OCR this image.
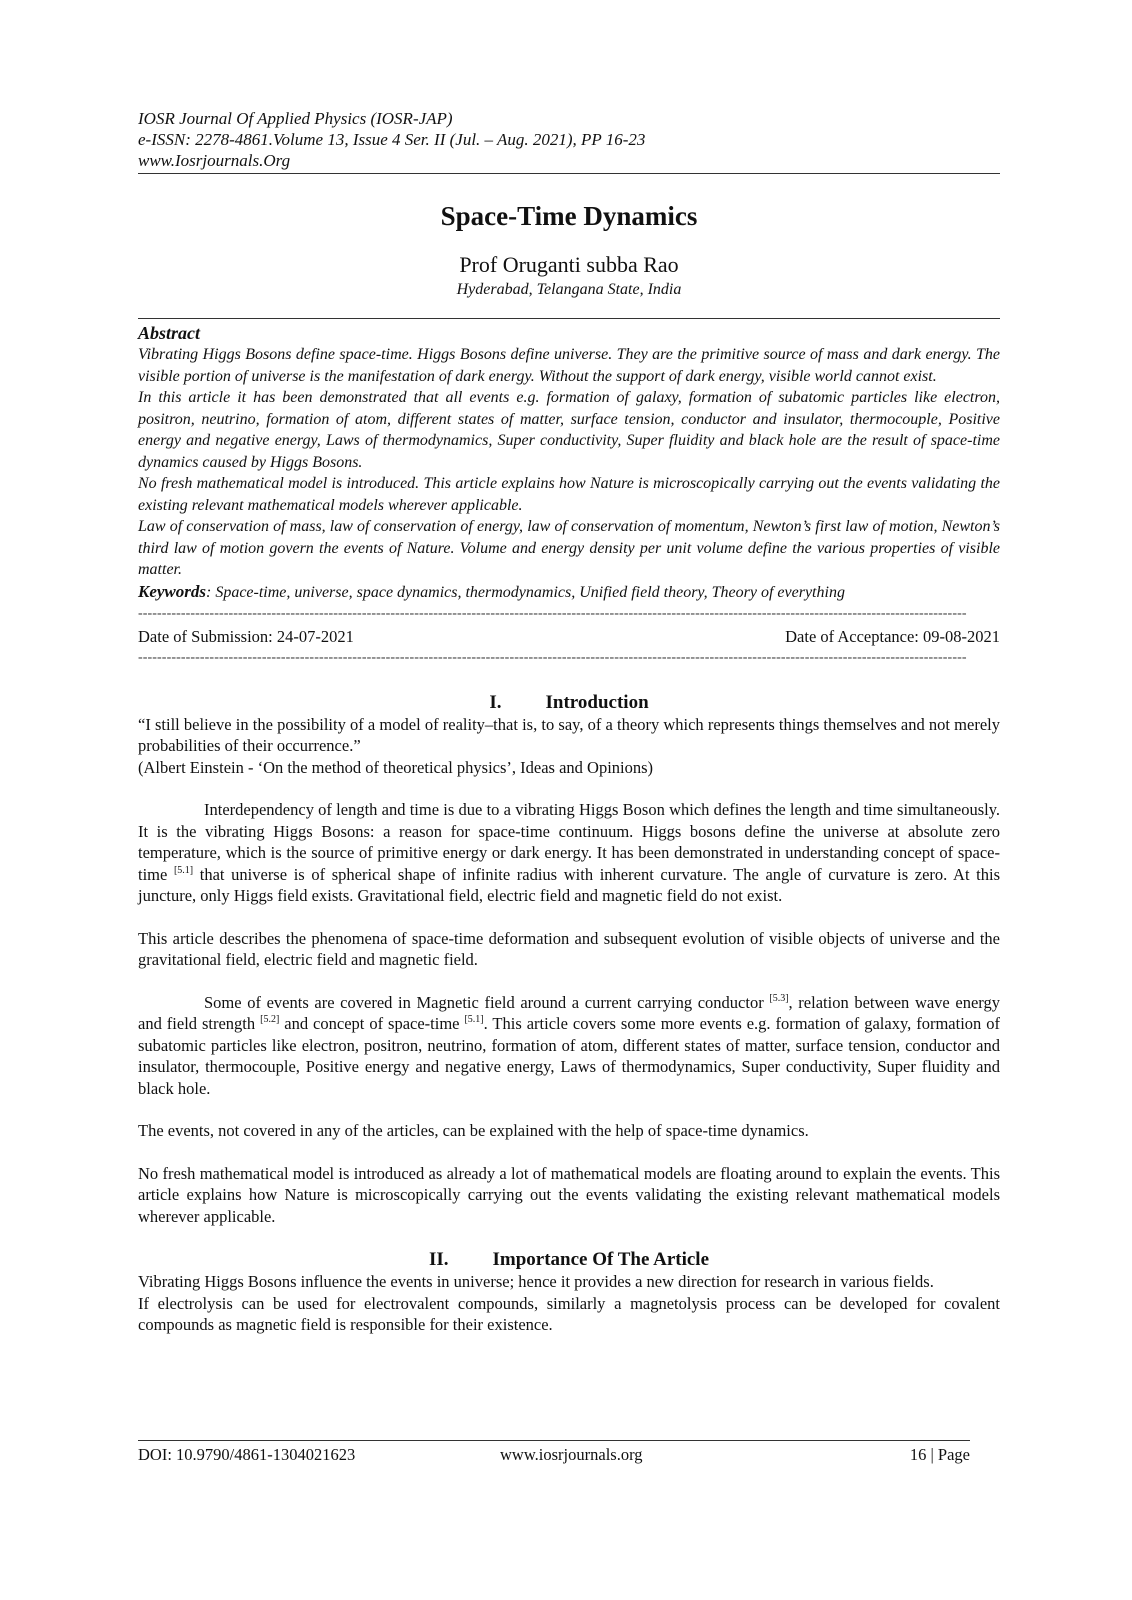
IOSR Journal Of Applied Physics (IOSR-JAP)
e-ISSN: 2278-4861.Volume 13, Issue 4 Ser. II (Jul. – Aug. 2021), PP 16-23
www.Iosrjournals.Org
Space-Time Dynamics
Prof Oruganti subba Rao
Hyderabad, Telangana State, India
Abstract

Vibrating Higgs Bosons define space-time. Higgs Bosons define universe. They are the primitive source of mass and dark energy. The visible portion of universe is the manifestation of dark energy. Without the support of dark energy, visible world cannot exist.

In this article it has been demonstrated that all events e.g. formation of galaxy, formation of subatomic particles like electron, positron, neutrino, formation of atom, different states of matter, surface tension, conductor and insulator, thermocouple, Positive energy and negative energy, Laws of thermodynamics, Super conductivity, Super fluidity and black hole are the result of space-time dynamics caused by Higgs Bosons.

No fresh mathematical model is introduced. This article explains how Nature is microscopically carrying out the events validating the existing relevant mathematical models wherever applicable.

Law of conservation of mass, law of conservation of energy, law of conservation of momentum, Newton’s first law of motion, Newton’s third law of motion govern the events of Nature. Volume and energy density per unit volume define the various properties of visible matter.

Keywords: Space-time, universe, space dynamics, thermodynamics, Unified field theory, Theory of everything
------------------------------------------------------------------------------------------------------------------------------------------------------------------------------
Date of Submission: 24-07-2021	Date of Acceptance: 09-08-2021
------------------------------------------------------------------------------------------------------------------------------------------------------------------------------
I. Introduction

“I still believe in the possibility of a model of reality–that is, to say, of a theory which represents things themselves and not merely probabilities of their occurrence.”

(Albert Einstein - ‘On the method of theoretical physics’, Ideas and Opinions)

Interdependency of length and time is due to a vibrating Higgs Boson which defines the length and time simultaneously. It is the vibrating Higgs Bosons: a reason for space-time continuum. Higgs bosons define the universe at absolute zero temperature, which is the source of primitive energy or dark energy. It has been demonstrated in understanding concept of space-time [5.1] that universe is of spherical shape of infinite radius with inherent curvature. The angle of curvature is zero. At this juncture, only Higgs field exists. Gravitational field, electric field and magnetic field do not exist.

This article describes the phenomena of space-time deformation and subsequent evolution of visible objects of universe and the gravitational field, electric field and magnetic field.

Some of events are covered in Magnetic field around a current carrying conductor [5.3], relation between wave energy and field strength [5.2] and concept of space-time [5.1]. This article covers some more events e.g. formation of galaxy, formation of subatomic particles like electron, positron, neutrino, formation of atom, different states of matter, surface tension, conductor and insulator, thermocouple, Positive energy and negative energy, Laws of thermodynamics, Super conductivity, Super fluidity and black hole.

The events, not covered in any of the articles, can be explained with the help of space-time dynamics.

No fresh mathematical model is introduced as already a lot of mathematical models are floating around to explain the events. This article explains how Nature is microscopically carrying out the events validating the existing relevant mathematical models wherever applicable.

II. Importance Of The Article

Vibrating Higgs Bosons influence the events in universe; hence it provides a new direction for research in various fields.

If electrolysis can be used for electrovalent compounds, similarly a magnetolysis process can be developed for covalent compounds as magnetic field is responsible for their existence.

DOI: 10.9790/4861-1304021623	www.iosrjournals.org	16 | Page
